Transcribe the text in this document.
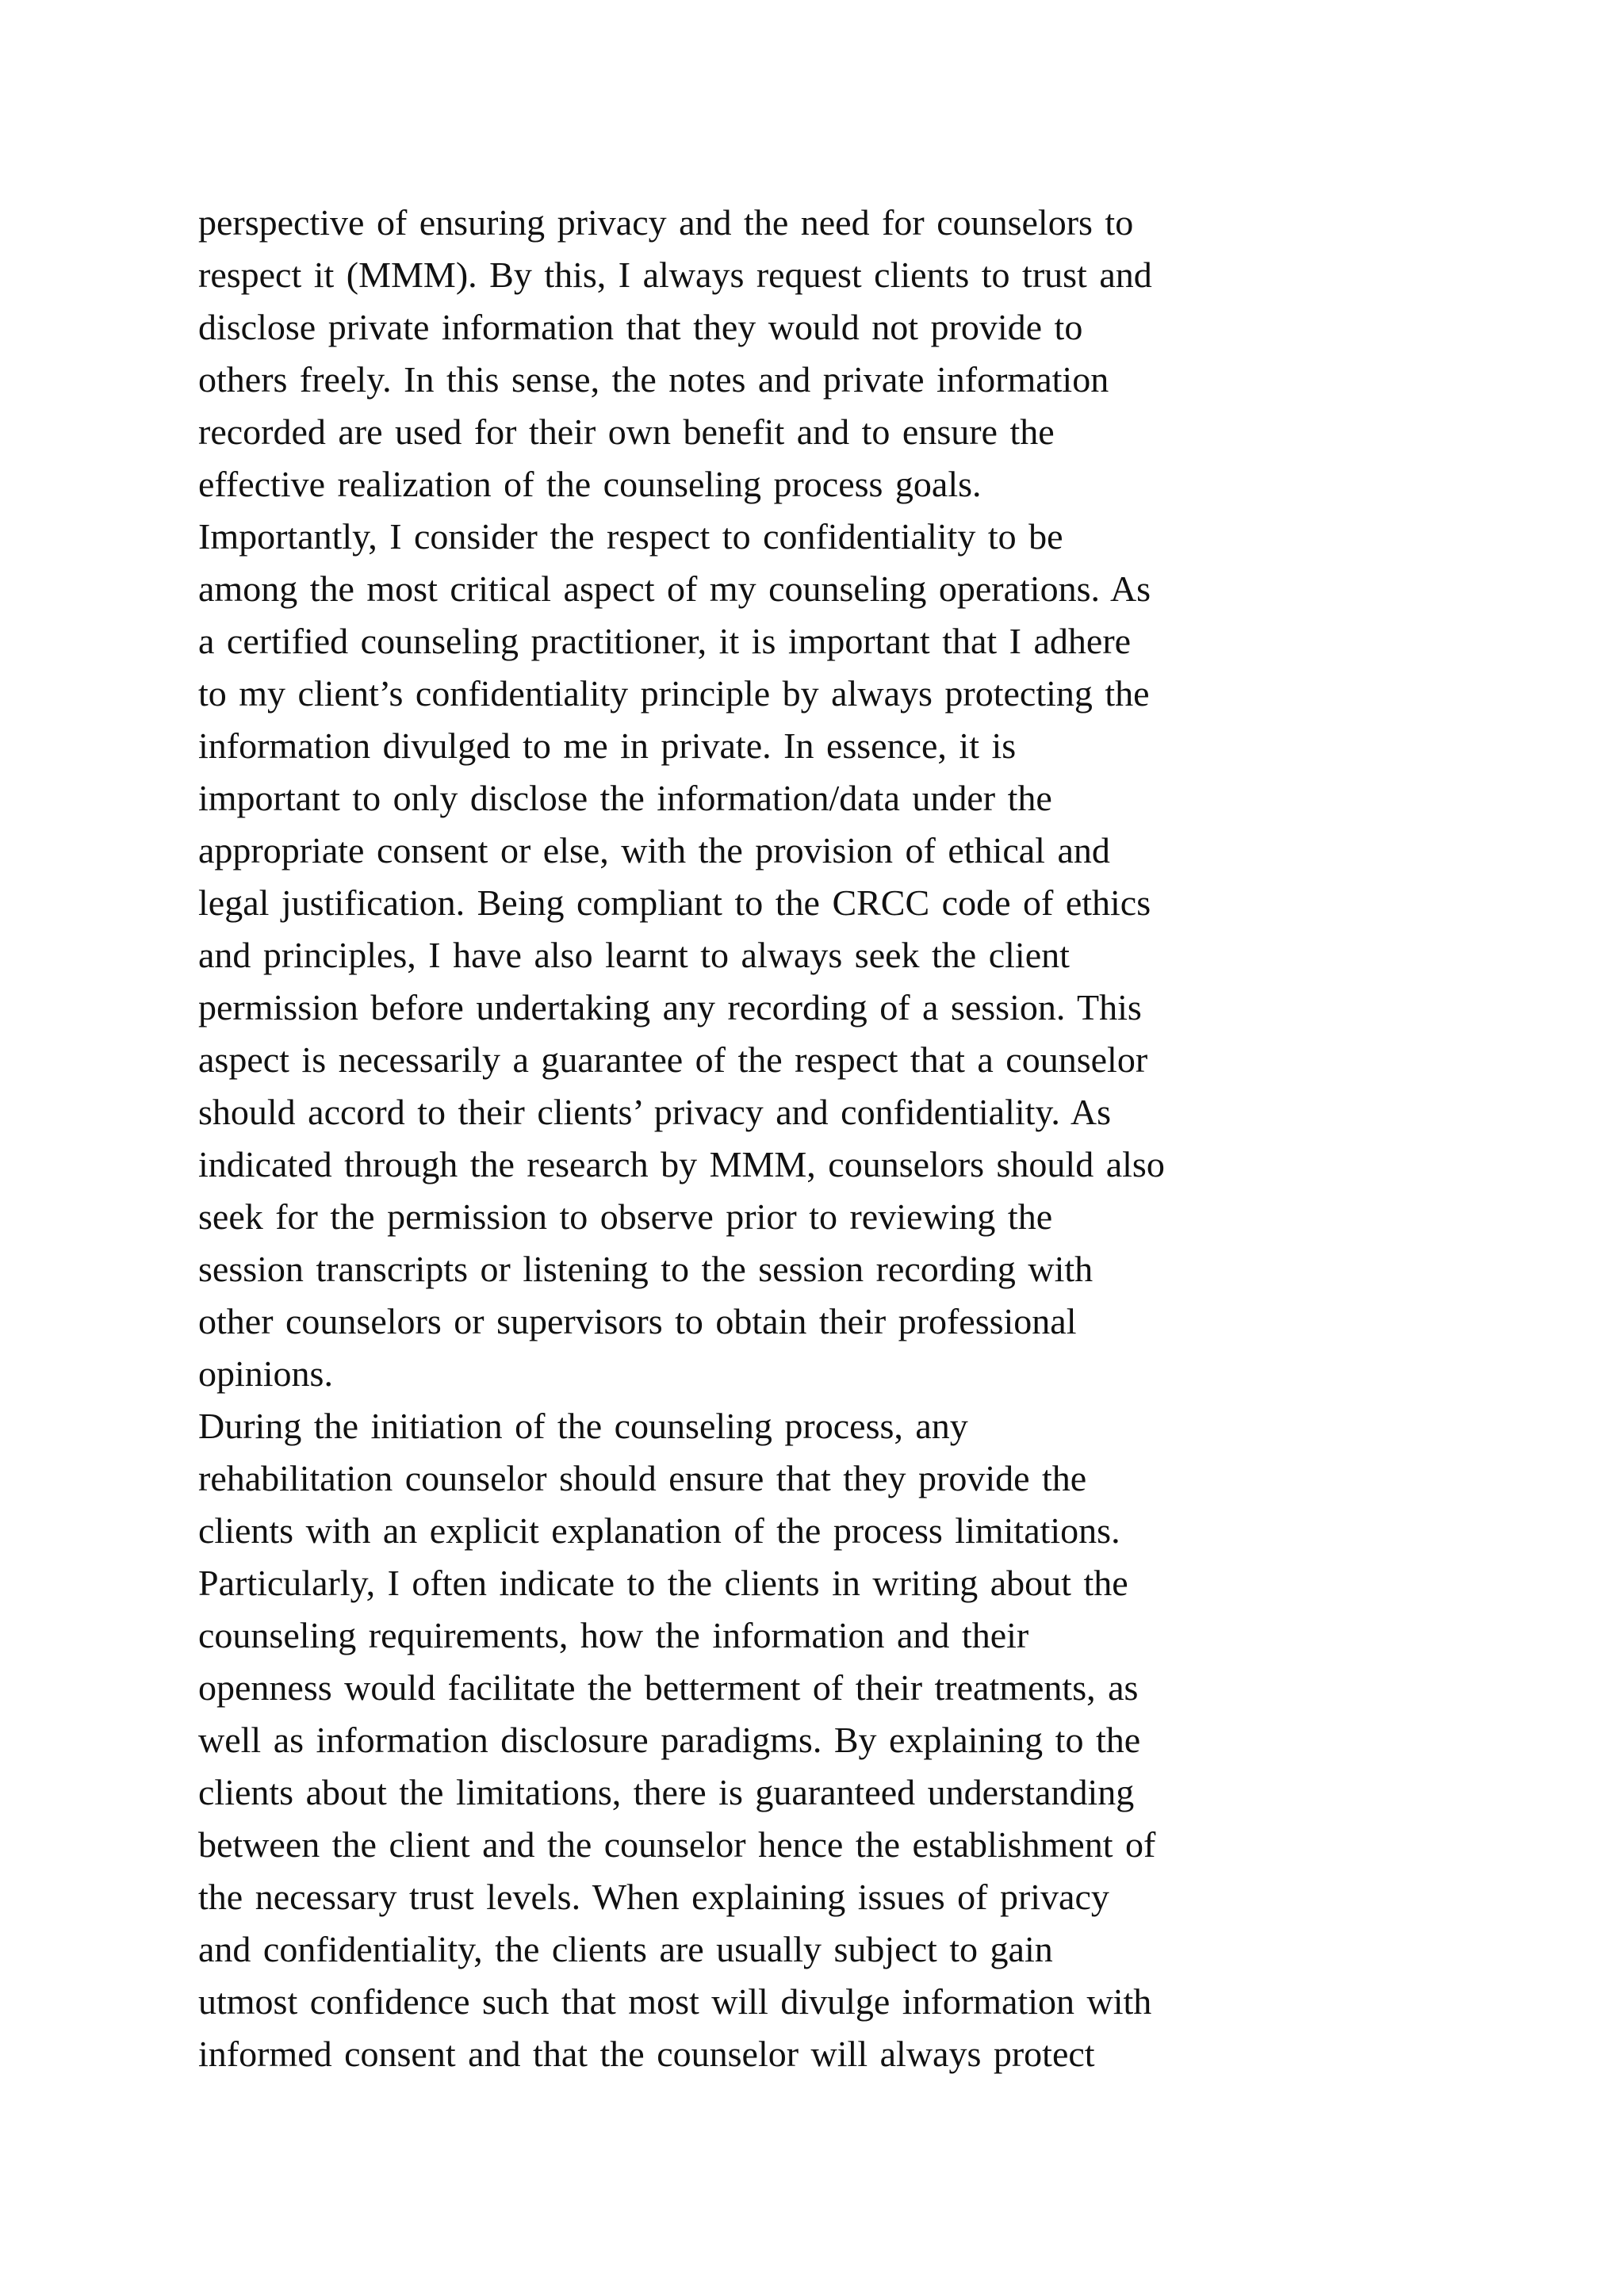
perspective of ensuring privacy and the need for counselors to
respect it (MMM). By this, I always request clients to trust and
disclose private information that they would not provide to
others freely. In this sense, the notes and private information
recorded are used for their own benefit and to ensure the
effective realization of the counseling process goals.
Importantly, I consider the respect to confidentiality to be
among the most critical aspect of my counseling operations. As
a certified counseling practitioner, it is important that I adhere
to my client’s confidentiality principle by always protecting the
information divulged to me in private. In essence, it is
important to only disclose the information/data under the
appropriate consent or else, with the provision of ethical and
legal justification. Being compliant to the CRCC code of ethics
and principles, I have also learnt to always seek the client
permission before undertaking any recording of a session. This
aspect is necessarily a guarantee of the respect that a counselor
should accord to their clients’ privacy and confidentiality. As
indicated through the research by MMM, counselors should also
seek for the permission to observe prior to reviewing the
session transcripts or listening to the session recording with
other counselors or supervisors to obtain their professional
opinions.
During the initiation of the counseling process, any
rehabilitation counselor should ensure that they provide the
clients with an explicit explanation of the process limitations.
Particularly, I often indicate to the clients in writing about the
counseling requirements, how the information and their
openness would facilitate the betterment of their treatments, as
well as information disclosure paradigms. By explaining to the
clients about the limitations, there is guaranteed understanding
between the client and the counselor hence the establishment of
the necessary trust levels. When explaining issues of privacy
and confidentiality, the clients are usually subject to gain
utmost confidence such that most will divulge information with
informed consent and that the counselor will always protect
